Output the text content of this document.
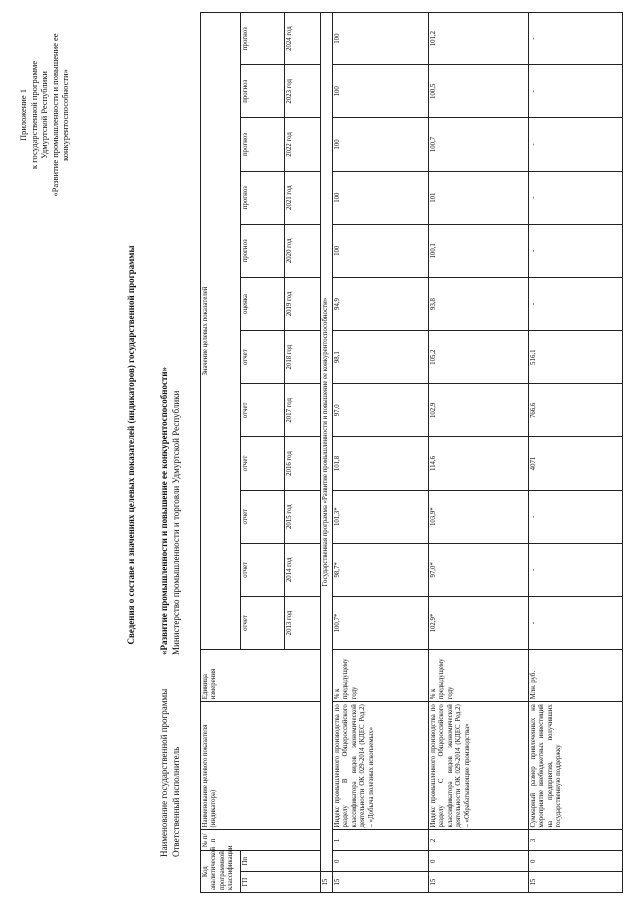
Приложение 1 к государственной программе Удмуртской Республики «Развитие промышленности и повышение ее конкурентоспособности»
Сведения о составе и значениях целевых показателей (индикаторов) государственной программы
Наименование государственной программы
«Развитие промышленности и повышение ее конкурентоспособности»
Ответственный исполнитель
Министерство промышленности и торговли Удмуртской Республики
Код аналитической программной классификации		№ п/п	Наименование целевого показателя (индикатора)	Единица измерения	Значение целевых показателей											
ГП	Пп				отчет	отчет	отчет	отчет	отчет	отчет	оценка	прогноз	прогноз	прогноз	прогноз	прогноз
					2013 год	2014 год	2015 год	2016 год	2017 год	2018 год	2019 год	2020 год	2021 год	2022 год	2023 год	2024 год
15	Государственная программа «Развитие промышленности и повышение ее конкурентоспособности»															
15	0	1	Индекс промышленного производства по разделу В Общероссийского классификатора видов экономической деятельности ОК 029-2014 (КДЕС Ред.2) – «Добыча полезных ископаемых»	% к предыдущему году	100,7*	98,7*	101,3*	101,8	97,0	98,1	94,9	100	100	100	100	100
15	0	2	Индекс промышленного производства по разделу С Общероссийского классификатора видов экономической деятельности ОК 029-2014 (КДЕС Ред.2) – «Обрабатывающие производства»	% к предыдущему году	102,9*	97,0*	103,9*	114,6	102,9	105,2	93,8	100,1	101	100,7	100,5	101,2
15	0	3	Суммарный размер привлеченных на мероприятие внебюджетных инвестиций на предприятия, получивших государственную поддержку	Млн. руб.	-	-	-	4071	766,6	516,1	-	-	-	-	-	-
